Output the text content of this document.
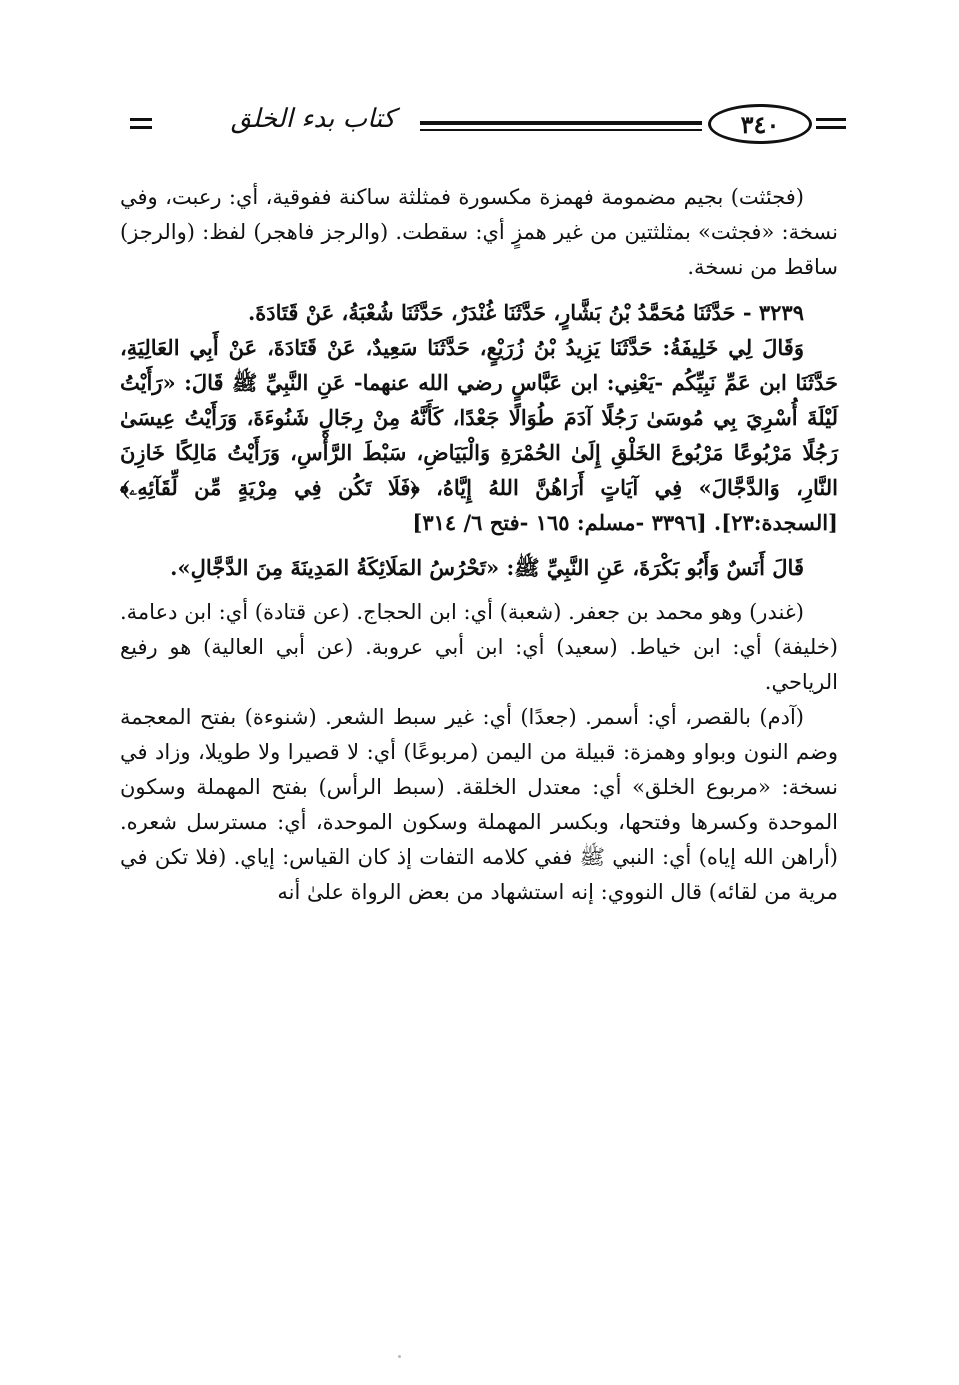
كتاب بدء الخلق	٣٤٠

(فجئثت) بجيم مضمومة فهمزة مكسورة فمثلثة ساكنة ففوقية، أي: رعبت، وفي نسخة: «فجثت» بمثلثتين من غير همزٍ أي: سقطت. (والرجز فاهجر) لفظ: (والرجز) ساقط من نسخة.

٣٢٣٩ - حَدَّثَنَا مُحَمَّدُ بْنُ بَشَّارٍ، حَدَّثَنَا غُنْدَرٌ، حَدَّثَنَا شُعْبَةُ، عَنْ قَتَادَةَ.

وَقَالَ لِي خَلِيفَةُ: حَدَّثَنَا يَزِيدُ بْنُ زُرَيْعٍ، حَدَّثَنَا سَعِيدٌ، عَنْ قَتَادَةَ، عَنْ أَبِي العَالِيَةِ، حَدَّثَنَا ابن عَمِّ نَبِيِّكُم -يَعْنِي: ابن عَبَّاسٍ رضي الله عنهما- عَنِ النَّبِيِّ ﷺ قَالَ: «رَأَيْتُ لَيْلَةَ أُسْرِيَ بِي مُوسَىٰ رَجُلًا آدَمَ طُوَالًا جَعْدًا، كَأَنَّهُ مِنْ رِجَالِ شَنُوءَةَ، وَرَأَيْتُ عِيسَىٰ رَجُلًا مَرْبُوعًا مَرْبُوعَ الخَلْقِ إِلَىٰ الحُمْرَةِ وَالْبَيَاضِ، سَبْطَ الرَّأْسِ، وَرَأَيْتُ مَالِكًا خَازِنَ النَّارِ، وَالدَّجَّالَ» فِي آيَاتٍ أَرَاهُنَّ اللهُ إِيَّاهُ، ﴿فَلَا تَكُن فِي مِرْيَةٍ مِّن لِّقَآئِهِۦ﴾ [السجدة:٢٣]. [٣٣٩٦ -مسلم: ١٦٥ -فتح ٦/ ٣١٤]

قَالَ أَنَسٌ وَأَبُو بَكْرَةَ، عَنِ النَّبِيِّ ﷺ: «تَحْرُسُ المَلَائِكَةُ المَدِينَةَ مِنَ الدَّجَّالِ».

(غندر) وهو محمد بن جعفر. (شعبة) أي: ابن الحجاج. (عن قتادة) أي: ابن دعامة. (خليفة) أي: ابن خياط. (سعيد) أي: ابن أبي عروبة. (عن أبي العالية) هو رفيع الرياحي.

(آدم) بالقصر، أي: أسمر. (جعدًا) أي: غير سبط الشعر. (شنوءة) بفتح المعجمة وضم النون وبواو وهمزة: قبيلة من اليمن (مربوعًا) أي: لا قصيرا ولا طويلا، وزاد في نسخة: «مربوع الخلق» أي: معتدل الخلقة. (سبط الرأس) بفتح المهملة وسكون الموحدة وكسرها وفتحها، وبكسر المهملة وسكون الموحدة، أي: مسترسل شعره. (أراهن الله إياه) أي: النبي ﷺ ففي كلامه التفات إذ كان القياس: إياي. (فلا تكن في مرية من لقائه) قال النووي: إنه استشهاد من بعض الرواة علىٰ أنه
